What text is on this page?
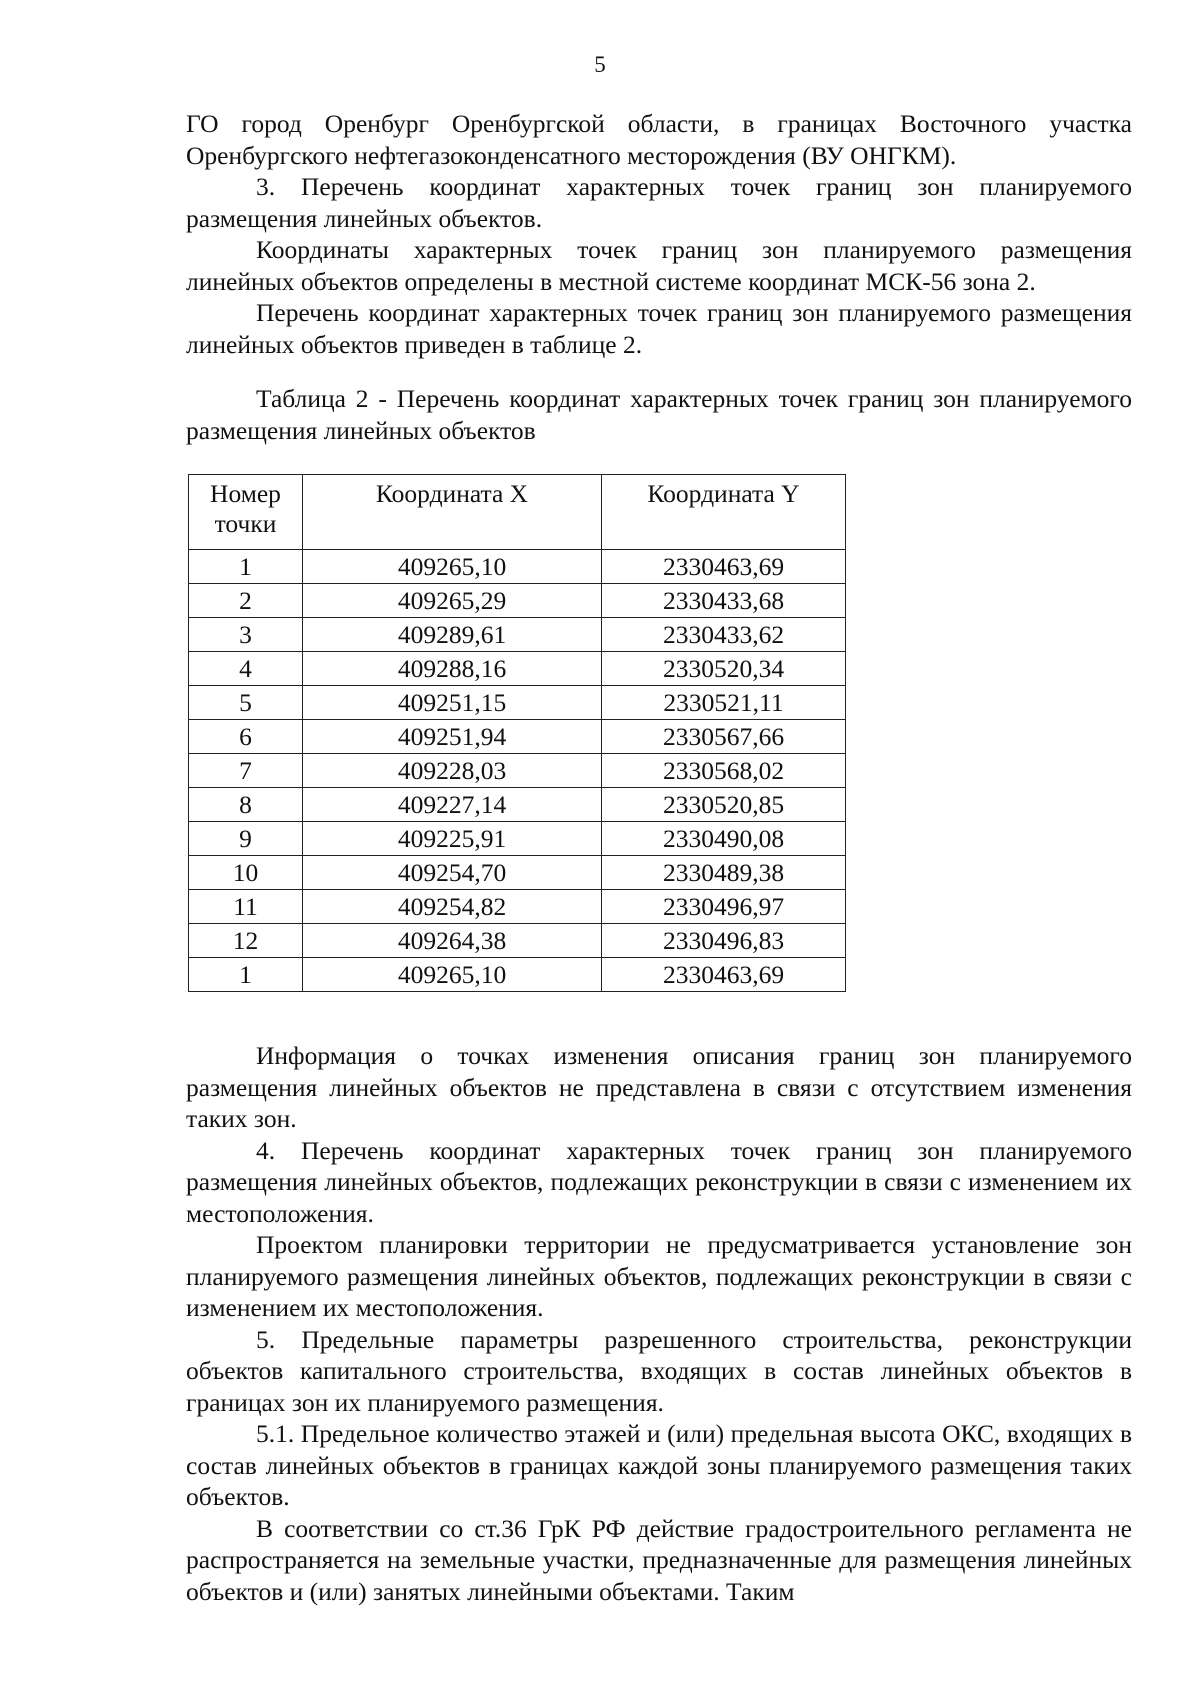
5

ГО город Оренбург Оренбургской области, в границах Восточного участка Оренбургского нефтегазоконденсатного месторождения (ВУ ОНГКМ).

3. Перечень координат характерных точек границ зон планируемого размещения линейных объектов.

Координаты характерных точек границ зон планируемого размещения линейных объектов определены в местной системе координат МСК-56 зона 2.

Перечень координат характерных точек границ зон планируемого размещения линейных объектов приведен в таблице 2.

Таблица 2 - Перечень координат характерных точек границ зон планируемого размещения линейных объектов

Номер точки	Координата X	Координата Y
1	409265,10	2330463,69
2	409265,29	2330433,68
3	409289,61	2330433,62
4	409288,16	2330520,34
5	409251,15	2330521,11
6	409251,94	2330567,66
7	409228,03	2330568,02
8	409227,14	2330520,85
9	409225,91	2330490,08
10	409254,70	2330489,38
11	409254,82	2330496,97
12	409264,38	2330496,83
1	409265,10	2330463,69

Информация о точках изменения описания границ зон планируемого размещения линейных объектов не представлена в связи с отсутствием изменения таких зон.

4. Перечень координат характерных точек границ зон планируемого размещения линейных объектов, подлежащих реконструкции в связи с изменением их местоположения.

Проектом планировки территории не предусматривается установление зон планируемого размещения линейных объектов, подлежащих реконструкции в связи с изменением их местоположения.

5. Предельные параметры разрешенного строительства, реконструкции объектов капитального строительства, входящих в состав линейных объектов в границах зон их планируемого размещения.

5.1. Предельное количество этажей и (или) предельная высота ОКС, входящих в состав линейных объектов в границах каждой зоны планируемого размещения таких объектов.

В соответствии со ст.36 ГрК РФ действие градостроительного регламента не распространяется на земельные участки, предназначенные для размещения линейных объектов и (или) занятых линейными объектами. Таким
